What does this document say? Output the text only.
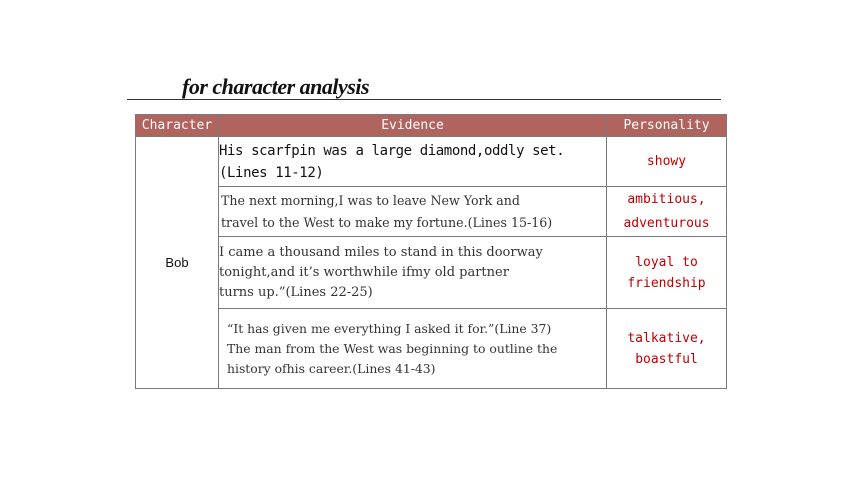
for character analysis
Character	Evidence	Personality
Bob	His scarfpin was a large diamond,oddly set.
(Lines 11-12)	showy
	The next morning,I was to leave New York and
travel to the West to make my fortune.(Lines 15-16)	ambitious,
adventurous
	I came a thousand miles to stand in this doorway
tonight,and it’s worthwhile ifmy old partner
turns up.”(Lines 22-25)	loyal to
friendship
	“It has given me everything I asked it for.”(Line 37)
The man from the West was beginning to outline the
history ofhis career.(Lines 41-43)	talkative,
boastful
